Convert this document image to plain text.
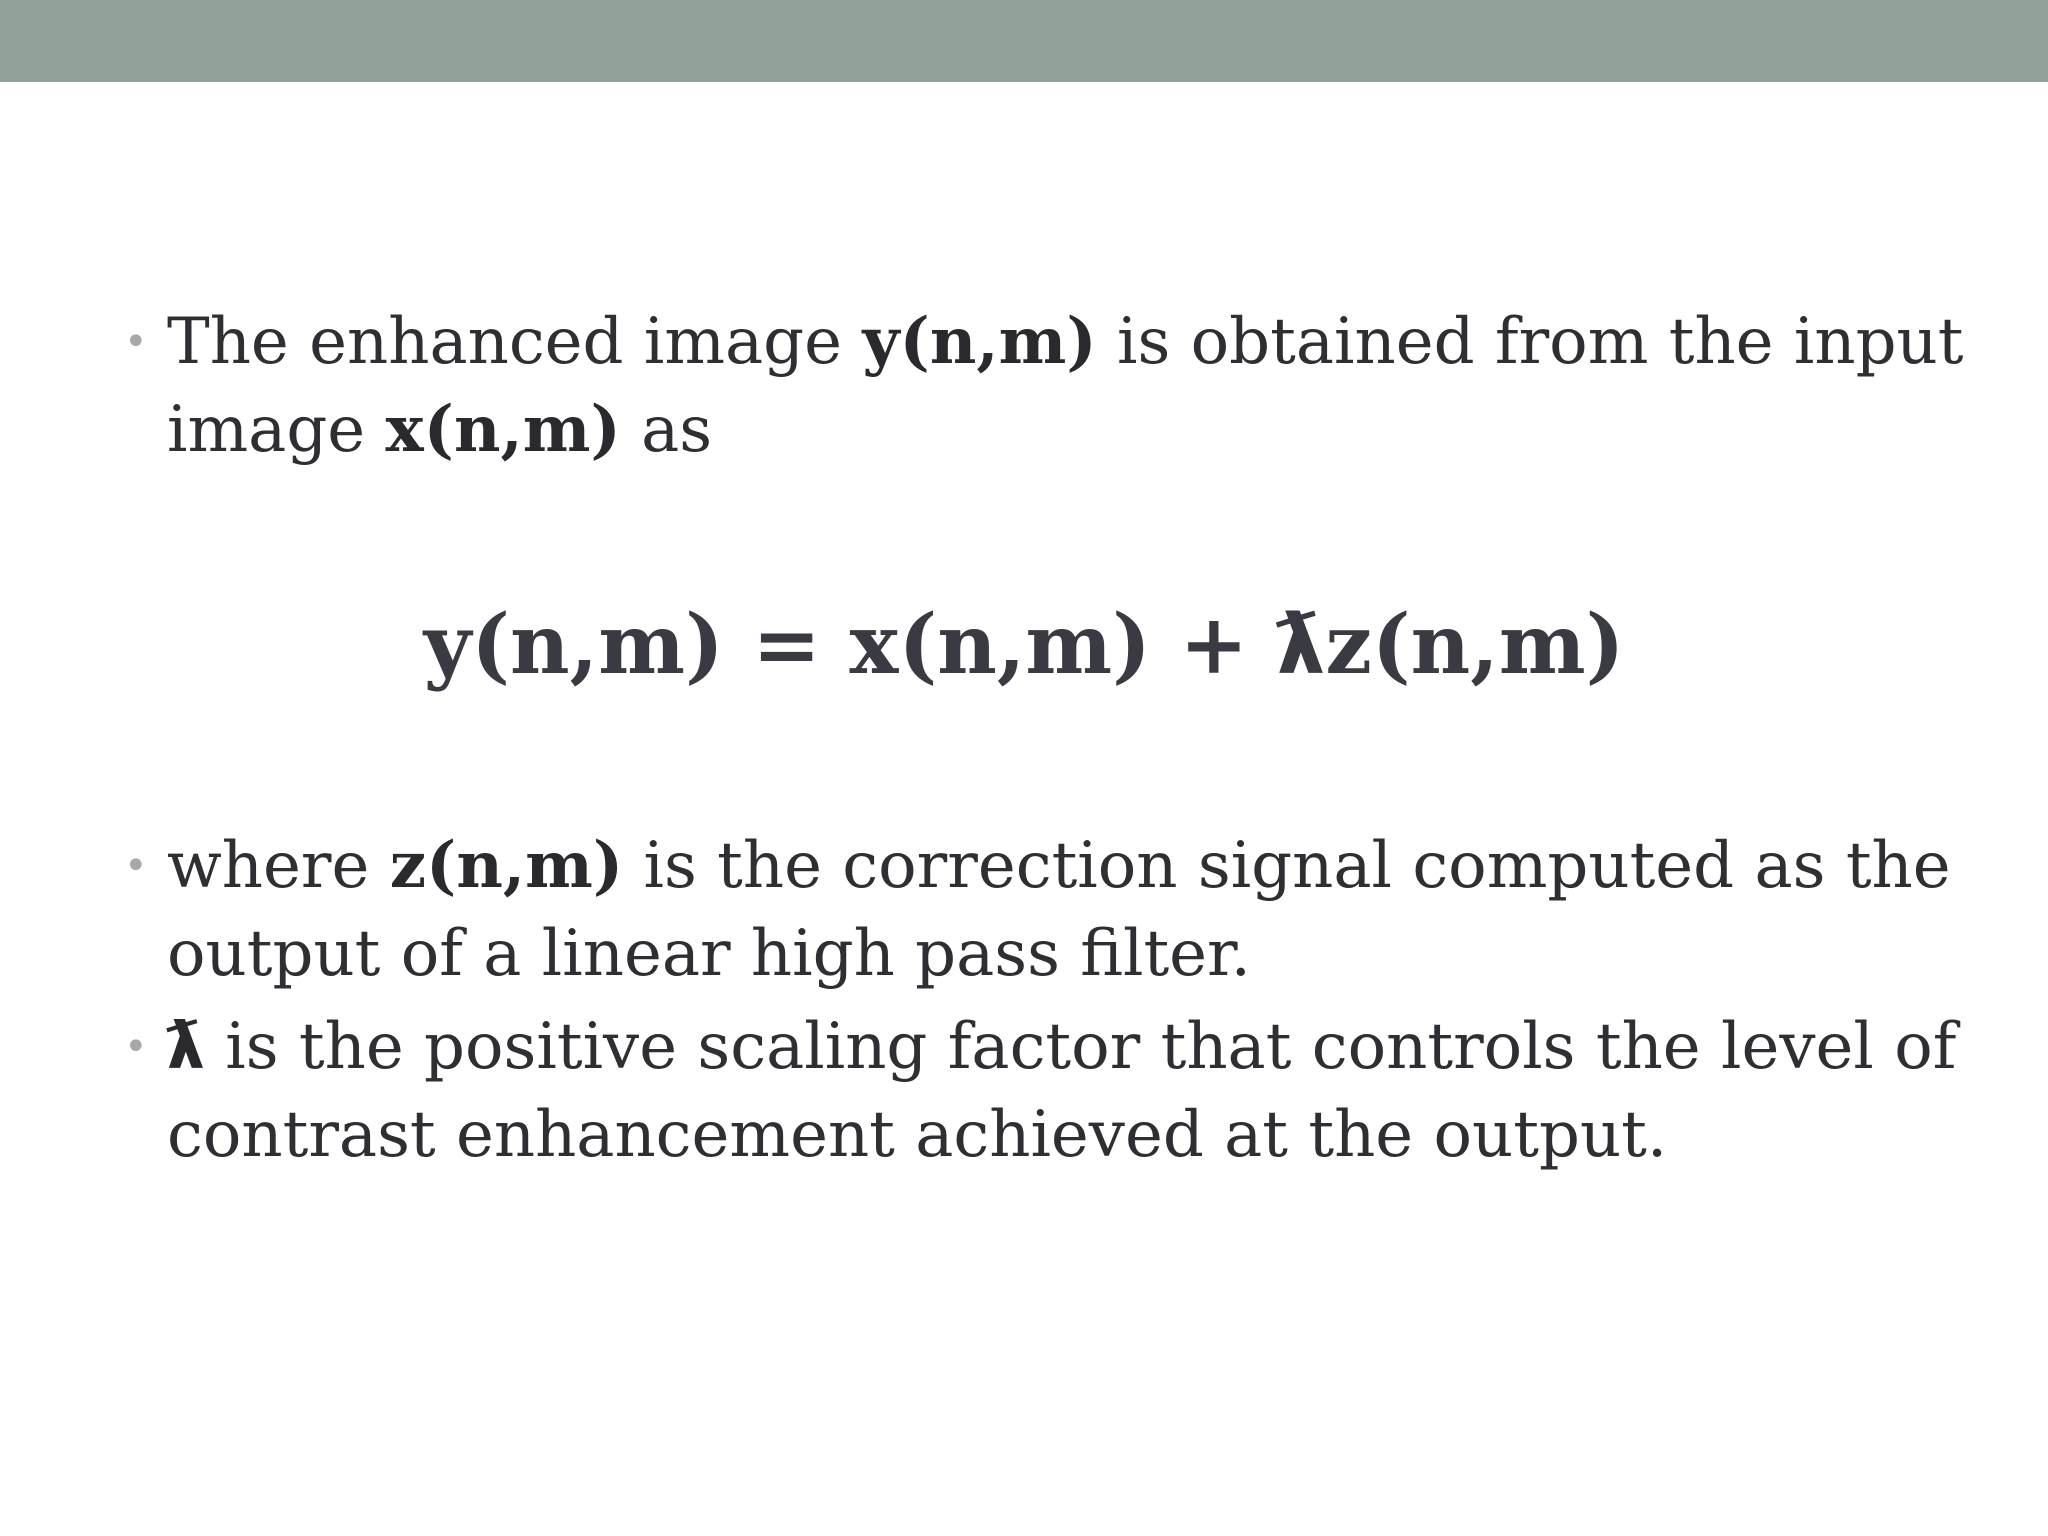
• The enhanced image y(n,m) is obtained from the input
image x(n,m) as
y(n,m) = x(n,m) + ƛz(n,m)
• where z(n,m) is the correction signal computed as the
output of a linear high pass filter.
• ƛ is the positive scaling factor that controls the level of
contrast enhancement achieved at the output.
